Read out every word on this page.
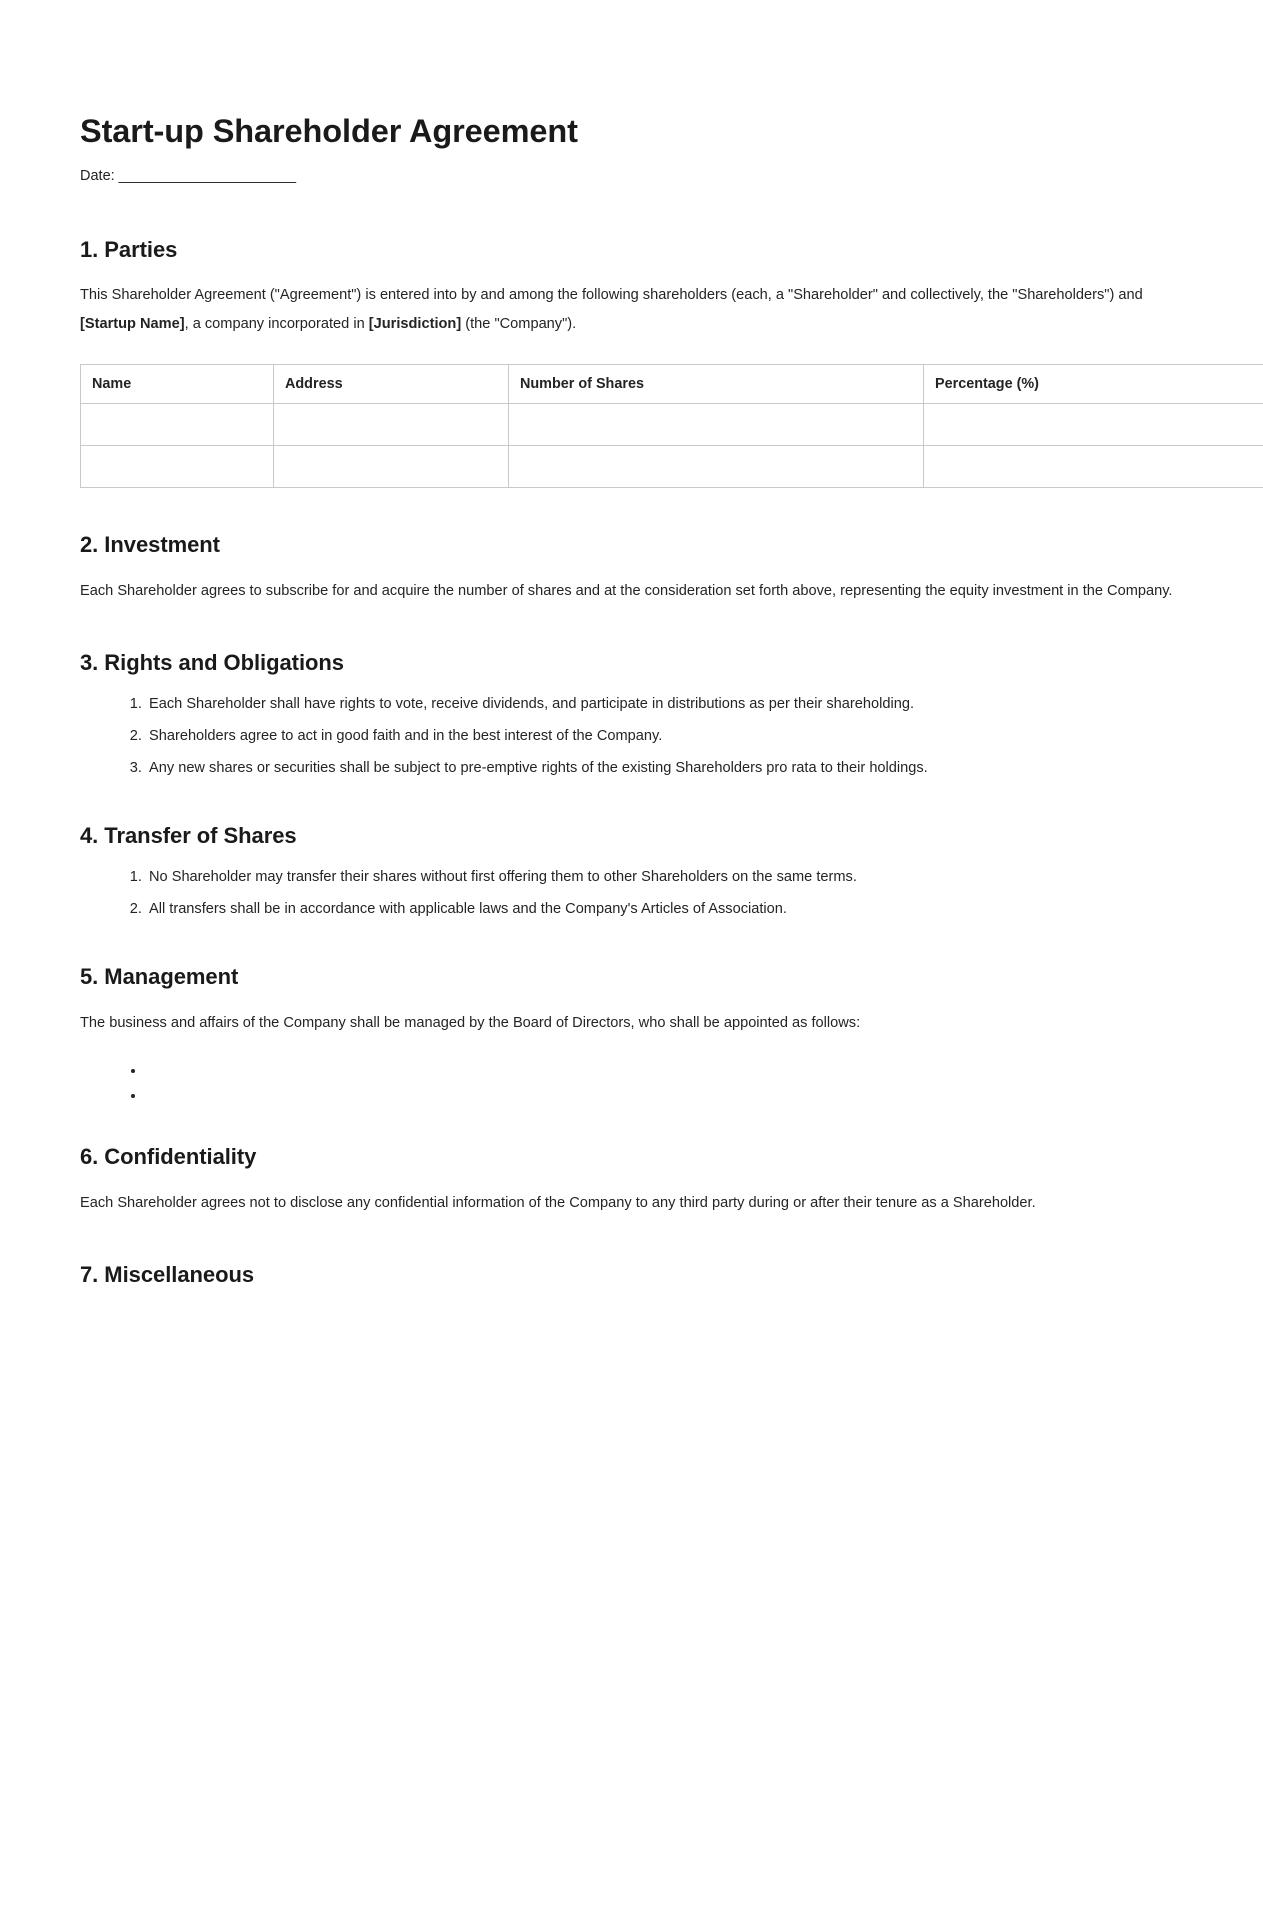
Start-up Shareholder Agreement
Date: ______________________
1. Parties

This Shareholder Agreement ("Agreement") is entered into by and among the following shareholders (each, a "Shareholder" and collectively, the "Shareholders") and [Startup Name], a company incorporated in [Jurisdiction] (the "Company").

Name	Address	Number of Shares	Percentage (%)

2. Investment

Each Shareholder agrees to subscribe for and acquire the number of shares and at the consideration set forth above, representing the equity investment in the Company.

3. Rights and Obligations
1. Each Shareholder shall have rights to vote, receive dividends, and participate in distributions as per their shareholding.
2. Shareholders agree to act in good faith and in the best interest of the Company.
3. Any new shares or securities shall be subject to pre-emptive rights of the existing Shareholders pro rata to their holdings.
4. Transfer of Shares
1. No Shareholder may transfer their shares without first offering them to other Shareholders on the same terms.
2. All transfers shall be in accordance with applicable laws and the Company's Articles of Association.
5. Management

The business and affairs of the Company shall be managed by the Board of Directors, who shall be appointed as follows:

•
•
6. Confidentiality

Each Shareholder agrees not to disclose any confidential information of the Company to any third party during or after their tenure as a Shareholder.

7. Miscellaneous
